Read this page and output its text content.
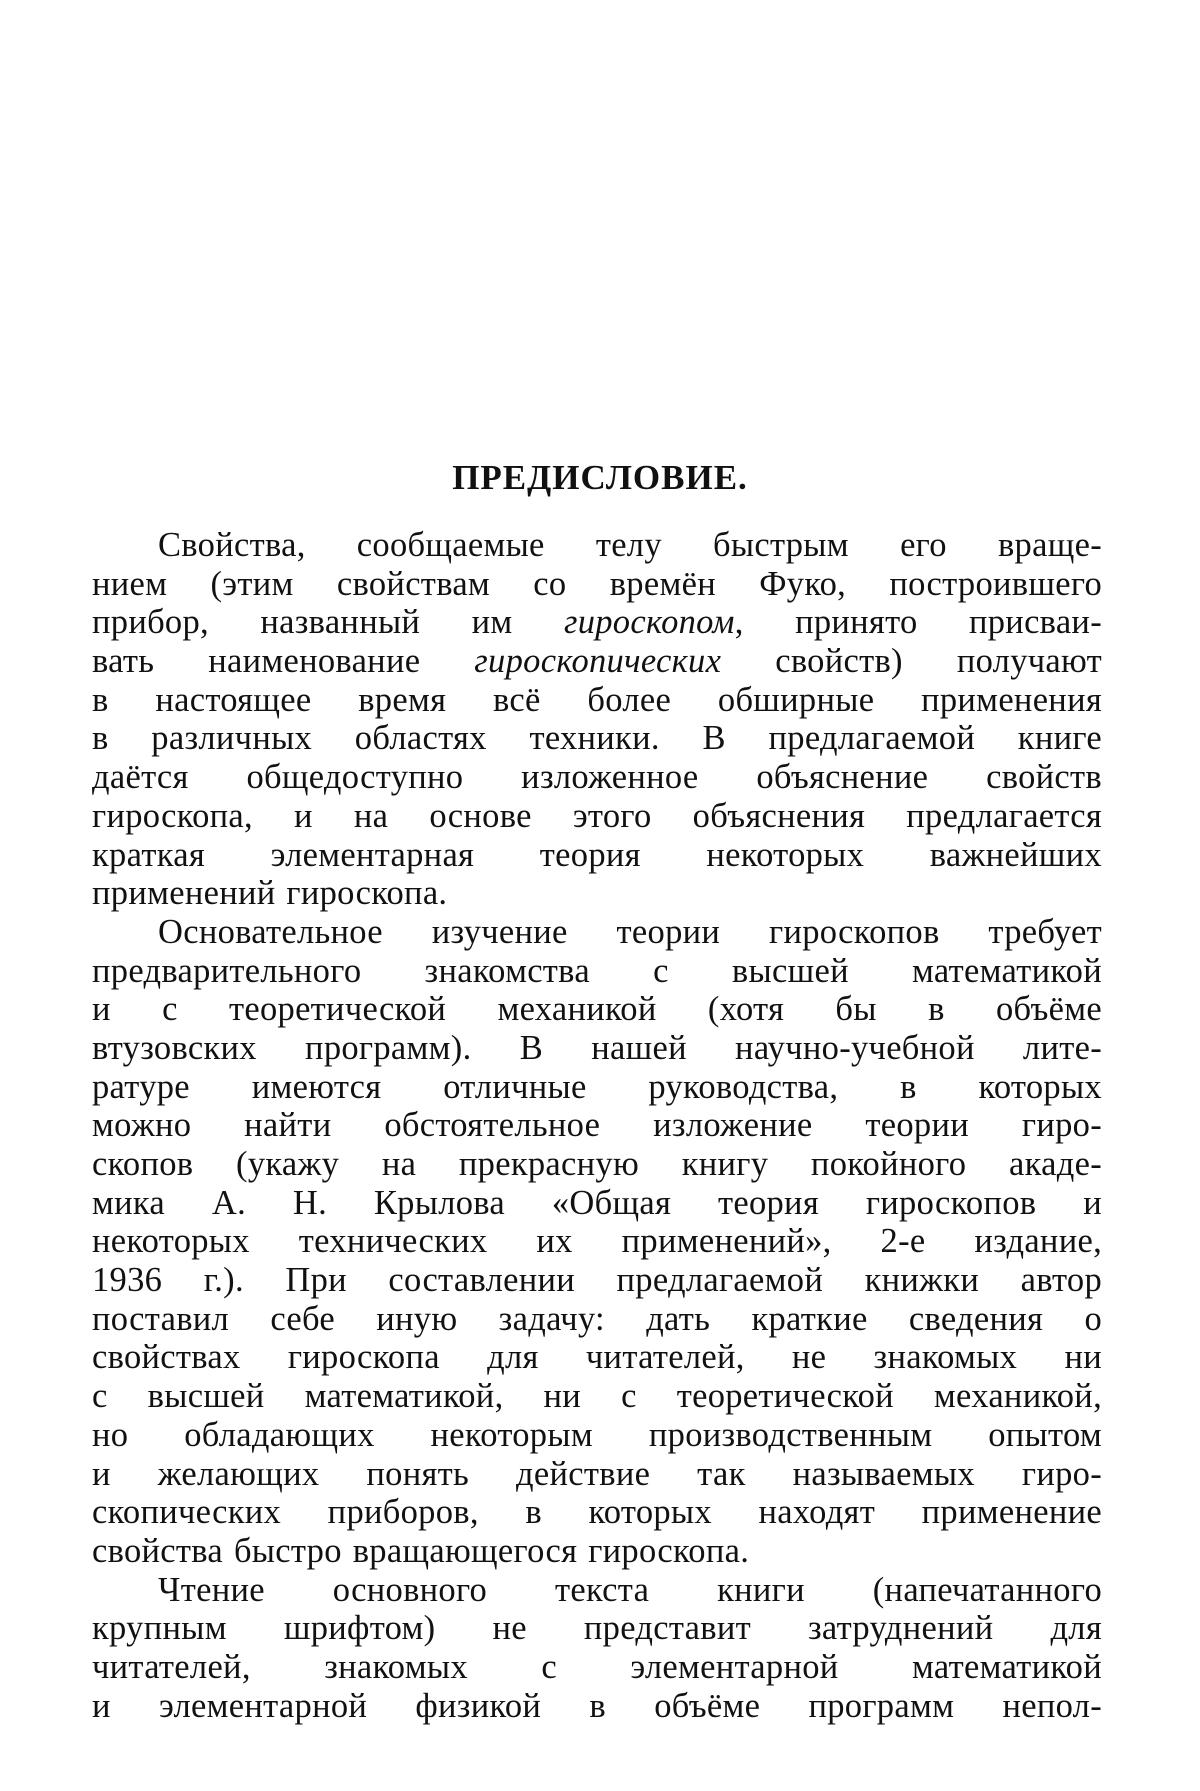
ПРЕДИСЛОВИЕ.
Свойства, сообщаемые телу быстрым его враще-
нием (этим свойствам со времён Фуко, построившего
прибор, названный им гироскопом, принято присваи-
вать наименование гироскопических свойств) получают
в настоящее время всё более обширные применения
в различных областях техники. В предлагаемой книге
даётся общедоступно изложенное объяснение свойств
гироскопа, и на основе этого объяснения предлагается
краткая элементарная теория некоторых важнейших
применений гироскопа.
Основательное изучение теории гироскопов требует
предварительного знакомства с высшей математикой
и с теоретической механикой (хотя бы в объёме
втузовских программ). В нашей научно-учебной лите-
ратуре имеются отличные руководства, в которых
можно найти обстоятельное изложение теории гиро-
скопов (укажу на прекрасную книгу покойного акаде-
мика А. Н. Крылова «Общая теория гироскопов и
некоторых технических их применений», 2-е издание,
1936 г.). При составлении предлагаемой книжки автор
поставил себе иную задачу: дать краткие сведения о
свойствах гироскопа для читателей, не знакомых ни
с высшей математикой, ни с теоретической механикой,
но обладающих некоторым производственным опытом
и желающих понять действие так называемых гиро-
скопических приборов, в которых находят применение
свойства быстро вращающегося гироскопа.
Чтение основного текста книги (напечатанного
крупным шрифтом) не представит затруднений для
читателей, знакомых с элементарной математикой
и элементарной физикой в объёме программ непол-
